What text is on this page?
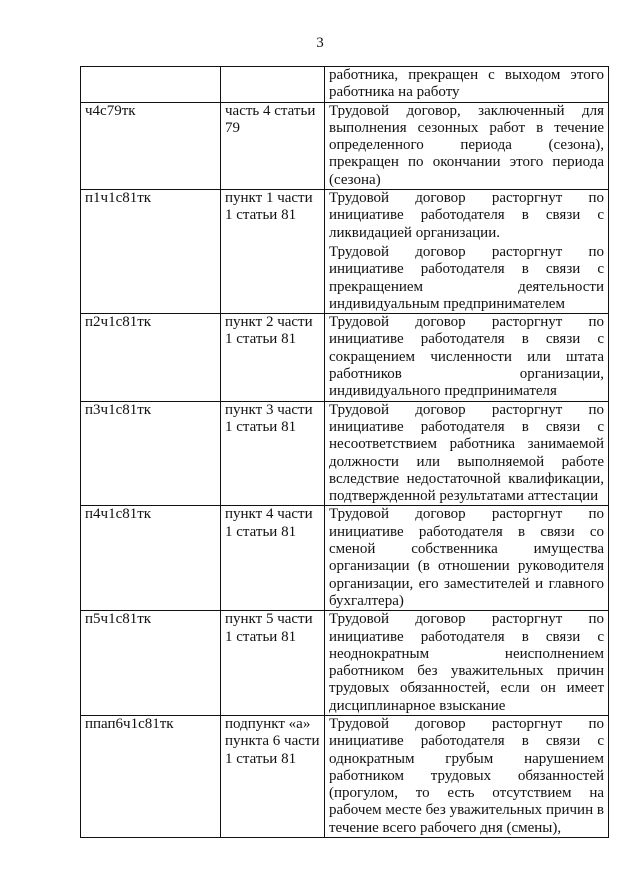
3

		работника, прекращен с выходом этого работника на работу

ч4с79тк	часть 4 статьи 79	Трудовой договор, заключенный для выполнения сезонных работ в течение определенного периода (сезона), прекращен по окончании этого периода (сезона)

п1ч1с81тк	пункт 1 части 1 статьи 81	Трудовой договор расторгнут по инициативе работодателя в связи с ликвидацией организации.

Трудовой договор расторгнут по инициативе работодателя в связи с прекращением деятельности индивидуальным предпринимателем

п2ч1с81тк	пункт 2 части 1 статьи 81	Трудовой договор расторгнут по инициативе работодателя в связи с сокращением численности или штата работников организации, индивидуального предпринимателя

п3ч1с81тк	пункт 3 части 1 статьи 81	Трудовой договор расторгнут по инициативе работодателя в связи с несоответствием работника занимаемой должности или выполняемой работе вследствие недостаточной квалификации, подтвержденной результатами аттестации

п4ч1с81тк	пункт 4 части 1 статьи 81	Трудовой договор расторгнут по инициативе работодателя в связи со сменой собственника имущества организации (в отношении руководителя организации, его заместителей и главного бухгалтера)

п5ч1с81тк	пункт 5 части 1 статьи 81	Трудовой договор расторгнут по инициативе работодателя в связи с неоднократным неисполнением работником без уважительных причин трудовых обязанностей, если он имеет дисциплинарное взыскание

ппап6ч1с81тк	подпункт «а» пункта 6 части 1 статьи 81	Трудовой договор расторгнут по инициативе работодателя в связи с однократным грубым нарушением работником трудовых обязанностей (прогулом, то есть отсутствием на рабочем месте без уважительных причин в течение всего рабочего дня (смены),
